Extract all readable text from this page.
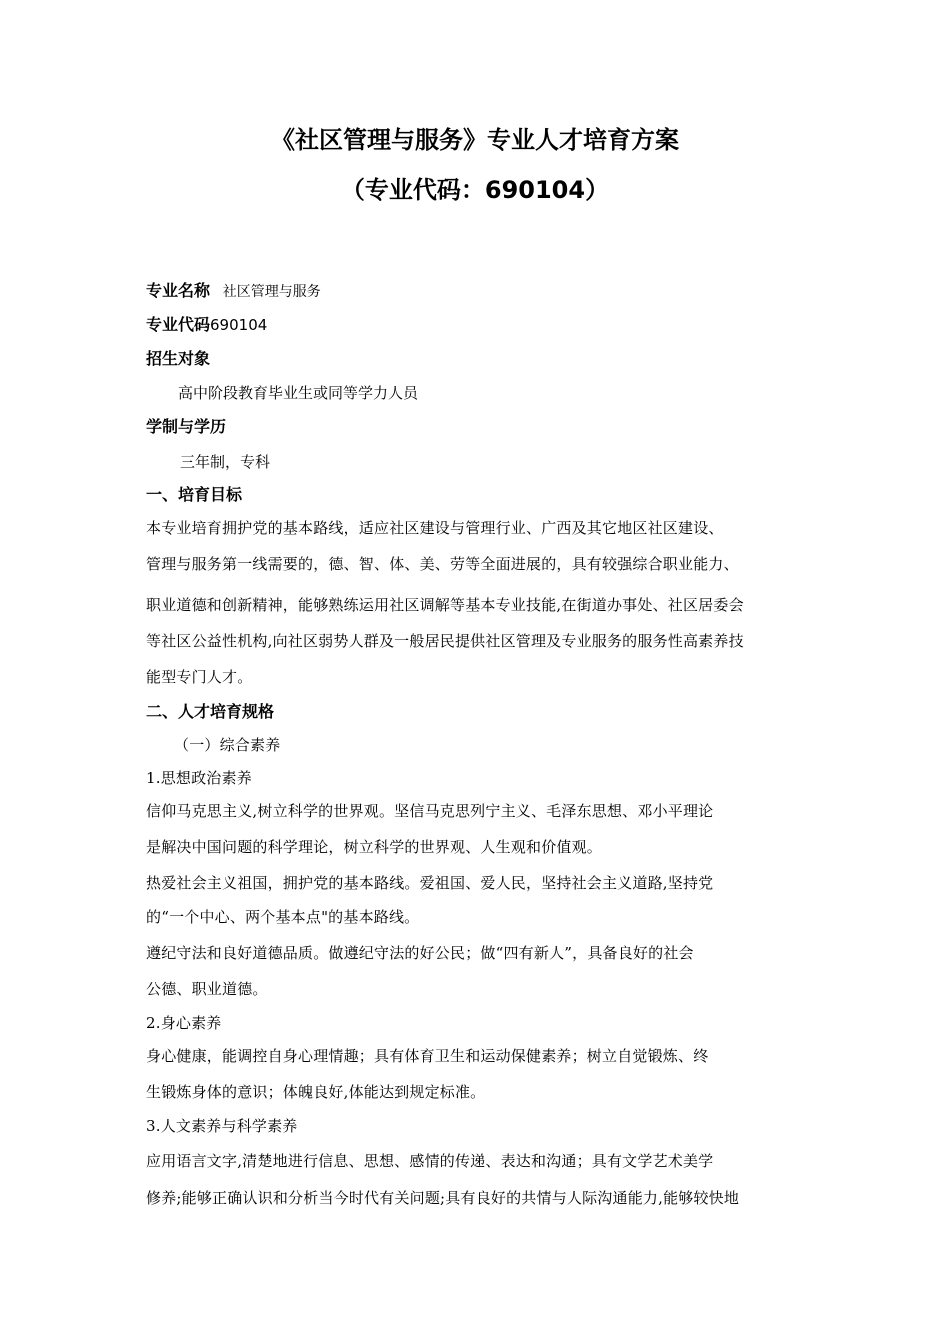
《社区管理与服务》专业人才培育方案
（专业代码：690104）
专业名称 社区管理与服务
专业代码690104
招生对象
高中阶段教育毕业生或同等学力人员
学制与学历
三年制，专科
一、培育目标
本专业培育拥护党的基本路线，适应社区建设与管理行业、广西及其它地区社区建设、
管理与服务第一线需要的，德、智、体、美、劳等全面进展的，具有较强综合职业能力、
职业道德和创新精神，能够熟练运用社区调解等基本专业技能,在街道办事处、社区居委会
等社区公益性机构,向社区弱势人群及一般居民提供社区管理及专业服务的服务性高素养技
能型专门人才。
二、人才培育规格
（一）综合素养
1.思想政治素养
信仰马克思主义,树立科学的世界观。坚信马克思列宁主义、毛泽东思想、邓小平理论
是解决中国问题的科学理论，树立科学的世界观、人生观和价值观。
热爱社会主义祖国，拥护党的基本路线。爱祖国、爱人民，坚持社会主义道路,坚持党
的“一个中心、两个基本点"的基本路线。
遵纪守法和良好道德品质。做遵纪守法的好公民；做“四有新人”，具备良好的社会
公德、职业道德。
2.身心素养
身心健康，能调控自身心理情趣；具有体育卫生和运动保健素养；树立自觉锻炼、终
生锻炼身体的意识；体魄良好,体能达到规定标准。
3.人文素养与科学素养
应用语言文字,清楚地进行信息、思想、感情的传递、表达和沟通；具有文学艺术美学
修养;能够正确认识和分析当今时代有关问题;具有良好的共情与人际沟通能力,能够较快地
